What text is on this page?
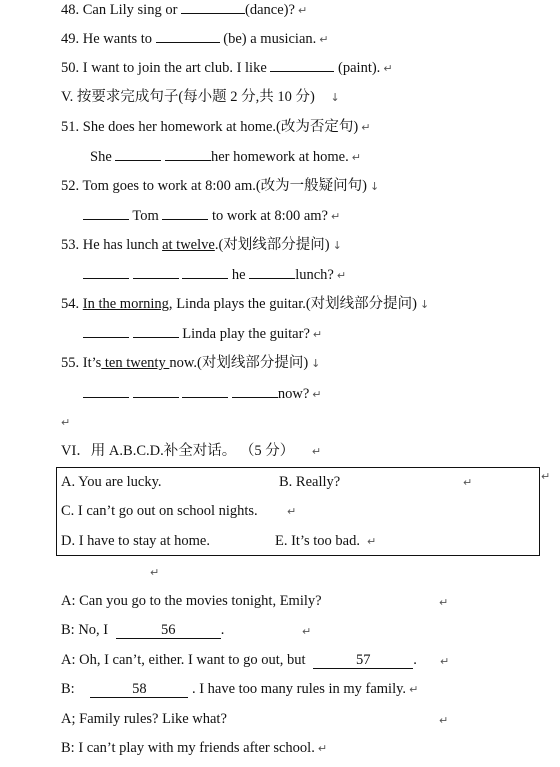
48. Can Lily sing or	(dance)? ↵
49. He wants to	(be) a musician. ↵
50. I want to join the art club. I like	(paint). ↵
V. 按要求完成句子(每小题 2 分,共 10 分) ↓
51. She does her homework at home.(改为否定句) ↵
She	her homework at home. ↵
52. Tom goes to work at 8:00 am.(改为一般疑问句) ↓
Tom	to work at 8:00 am? ↵
53. He has lunch at twelve.(对划线部分提问) ↓
he	lunch? ↵
54. In the morning, Linda plays the guitar.(对划线部分提问) ↓
Linda play the guitar? ↵
55. It’s ten twenty now.(对划线部分提问) ↓
now? ↵
↵
VI．用 A.B.C.D.补全对话。 （5 分） ↵
A. You are lucky.	B. Really?	↵
C. I can’t go out on school nights.	↵
D. I have to stay at home.	E. It’s too bad. ↵
↵
↵
A: Can you go to the movies tonight, Emily?	↵
B: No, I	56	.	↵
A: Oh, I can’t, either. I want to go out, but	57	. ↵
B:	58	. I have too many rules in my family. ↵
A; Family rules? Like what?	↵
B: I can’t play with my friends after school. ↵
